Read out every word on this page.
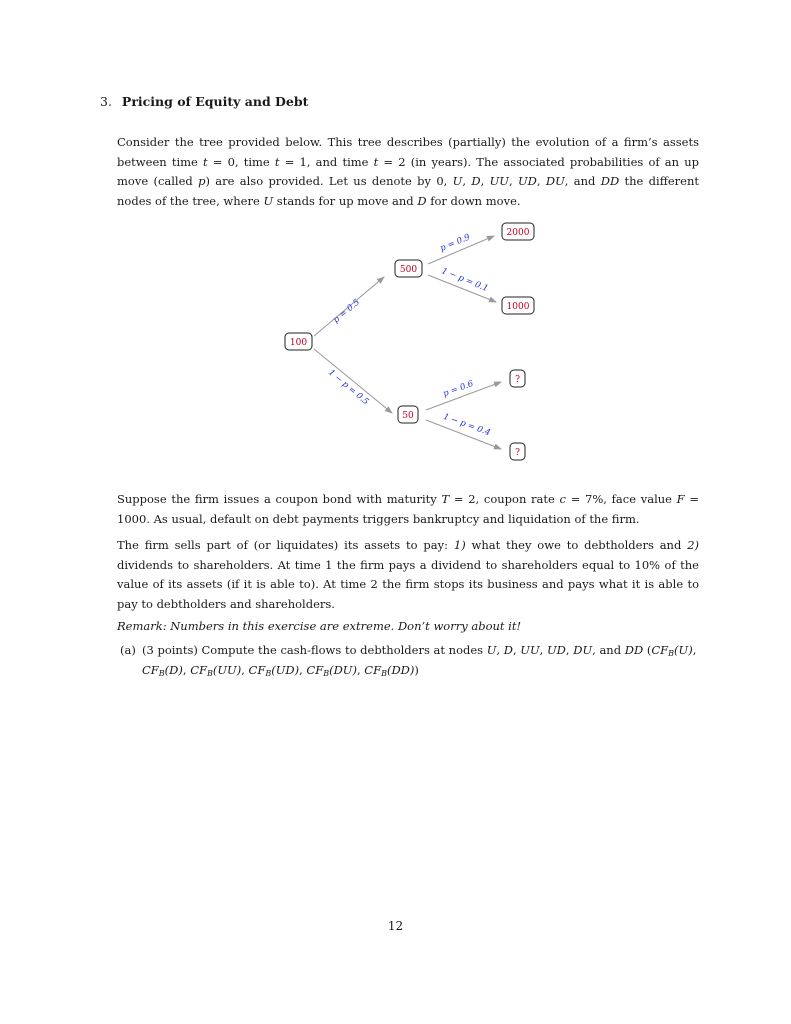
3. Pricing of Equity and Debt

Consider the tree provided below. This tree describes (partially) the evolution of a firm’s assets between time t = 0, time t = 1, and time t = 2 (in years). The associated probabilities of an up move (called p) are also provided. Let us denote by 0, U, D, UU, UD, DU, and DD the different nodes of the tree, where U stands for up move and D for down move.

p = 0.5
1 − p = 0.5
p = 0.9
1 − p = 0.1
p = 0.6
1 − p = 0.4
100
500
50
2000
1000
?
?

Suppose the firm issues a coupon bond with maturity T = 2, coupon rate c = 7%, face value F = 1000. As usual, default on debt payments triggers bankruptcy and liquidation of the firm.

The firm sells part of (or liquidates) its assets to pay: 1) what they owe to debtholders and 2) dividends to shareholders. At time 1 the firm pays a dividend to shareholders equal to 10% of the value of its assets (if it is able to). At time 2 the firm stops its business and pays what it is able to pay to debtholders and shareholders.

Remark: Numbers in this exercise are extreme. Don’t worry about it!

(a) (3 points) Compute the cash-flows to debtholders at nodes U, D, UU, UD, DU, and DD ($CF_B(U)$, $CF_B(D)$, $CF_B(UU)$, $CF_B(UD)$, $CF_B(DU)$, $CF_B(DD)$)
12
